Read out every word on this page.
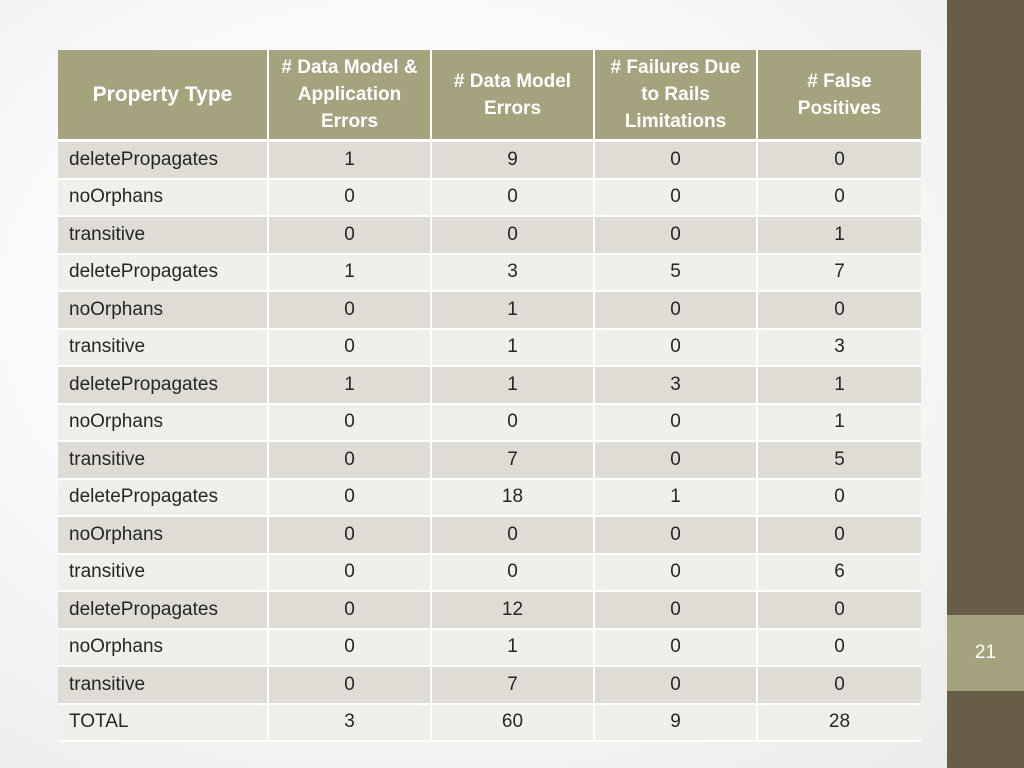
21
Property Type	# Data Model & Application Errors	# Data Model Errors	# Failures Due to Rails Limitations	# False Positives
deletePropagates	1	9	0	0
noOrphans	0	0	0	0
transitive	0	0	0	1
deletePropagates	1	3	5	7
noOrphans	0	1	0	0
transitive	0	1	0	3
deletePropagates	1	1	3	1
noOrphans	0	0	0	1
transitive	0	7	0	5
deletePropagates	0	18	1	0
noOrphans	0	0	0	0
transitive	0	0	0	6
deletePropagates	0	12	0	0
noOrphans	0	1	0	0
transitive	0	7	0	0
TOTAL	3	60	9	28
